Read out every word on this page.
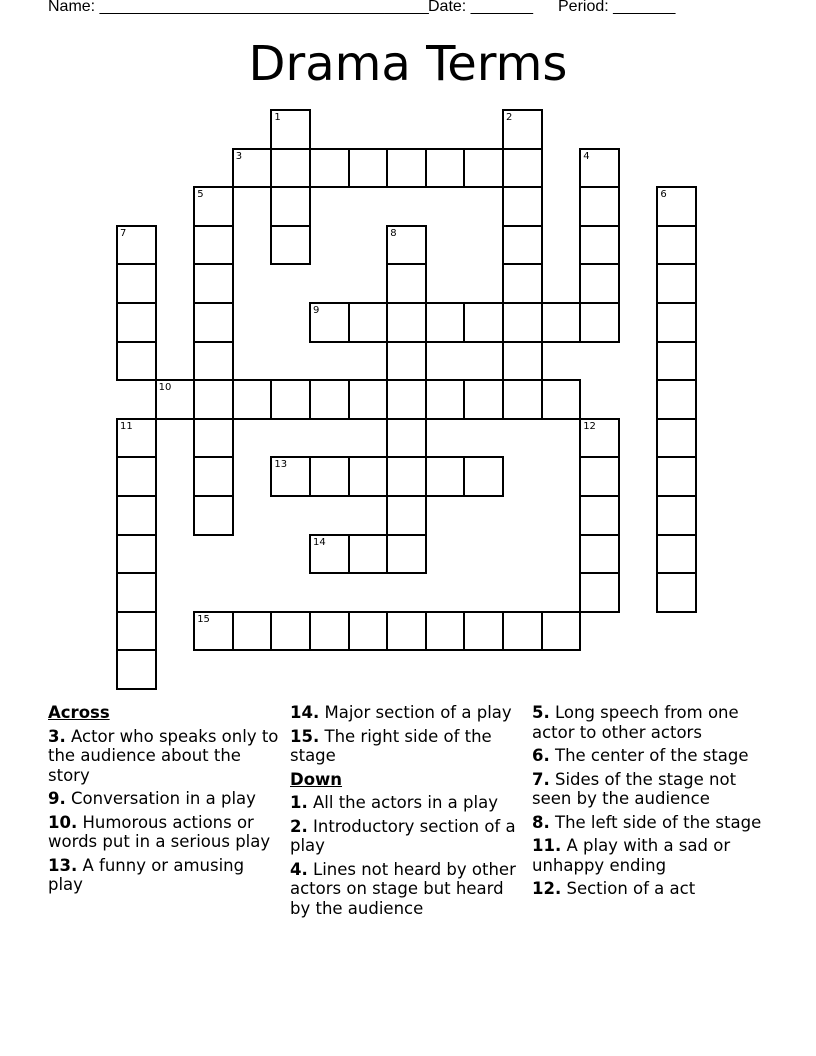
Name: _____________________________________ Date: _______ Period: _______
Drama Terms
1	2
3	4
5	6
7	8
9
10
11	12
13
14
15
Across
3. Actor who speaks only to the audience about the story
9. Conversation in a play
10. Humorous actions or words put in a serious play
13. A funny or amusing play
14. Major section of a play
15. The right side of the stage
Down
1. All the actors in a play
2. Introductory section of a play
4. Lines not heard by other actors on stage but heard by the audience
5. Long speech from one actor to other actors
6. The center of the stage
7. Sides of the stage not seen by the audience
8. The left side of the stage
11. A play with a sad or unhappy ending
12. Section of a act
